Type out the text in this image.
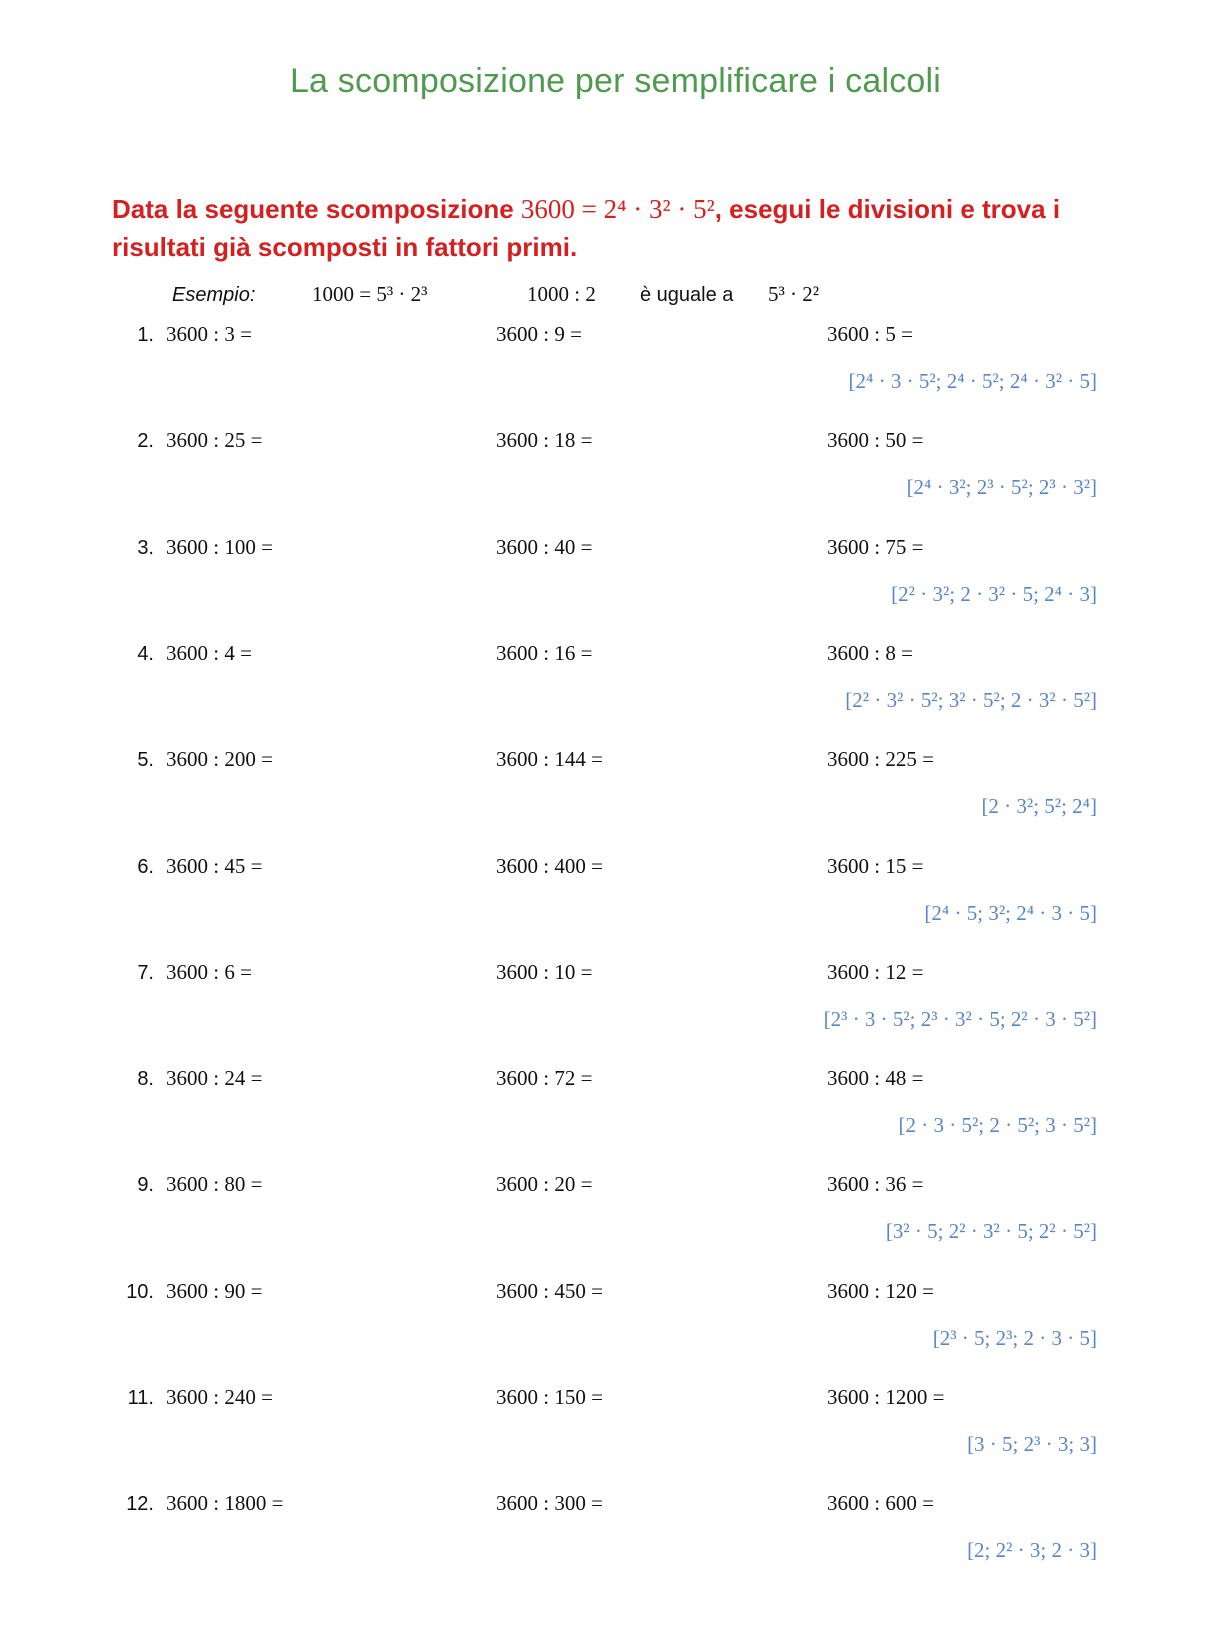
La scomposizione per semplificare i calcoli
Data la seguente scomposizione 3600 = 2⁴ · 3² · 5², esegui le divisioni e trova i risultati già scomposti in fattori primi.
Esempio:	1000 = 5³ · 2³	1000 : 2 è uguale a 5³ · 2²
1. 3600 : 3 =	3600 : 9 =	3600 : 5 =
[2⁴ · 3 · 5²; 2⁴ · 5²; 2⁴ · 3² · 5]
2. 3600 : 25 =	3600 : 18 =	3600 : 50 =
[2⁴ · 3²; 2³ · 5²; 2³ · 3²]
3. 3600 : 100 =	3600 : 40 =	3600 : 75 =
[2² · 3²; 2 · 3² · 5; 2⁴ · 3]
4. 3600 : 4 =	3600 : 16 =	3600 : 8 =
[2² · 3² · 5²; 3² · 5²; 2 · 3² · 5²]
5. 3600 : 200 =	3600 : 144 =	3600 : 225 =
[2 · 3²; 5²; 2⁴]
6. 3600 : 45 =	3600 : 400 =	3600 : 15 =
[2⁴ · 5; 3²; 2⁴ · 3 · 5]
7. 3600 : 6 =	3600 : 10 =	3600 : 12 =
[2³ · 3 · 5²; 2³ · 3² · 5; 2² · 3 · 5²]
8. 3600 : 24 =	3600 : 72 =	3600 : 48 =
[2 · 3 · 5²; 2 · 5²; 3 · 5²]
9. 3600 : 80 =	3600 : 20 =	3600 : 36 =
[3² · 5; 2² · 3² · 5; 2² · 5²]
10. 3600 : 90 =	3600 : 450 =	3600 : 120 =
[2³ · 5; 2³; 2 · 3 · 5]
11. 3600 : 240 =	3600 : 150 =	3600 : 1200 =
[3 · 5; 2³ · 3; 3]
12. 3600 : 1800 =	3600 : 300 =	3600 : 600 =
[2; 2² · 3; 2 · 3]
